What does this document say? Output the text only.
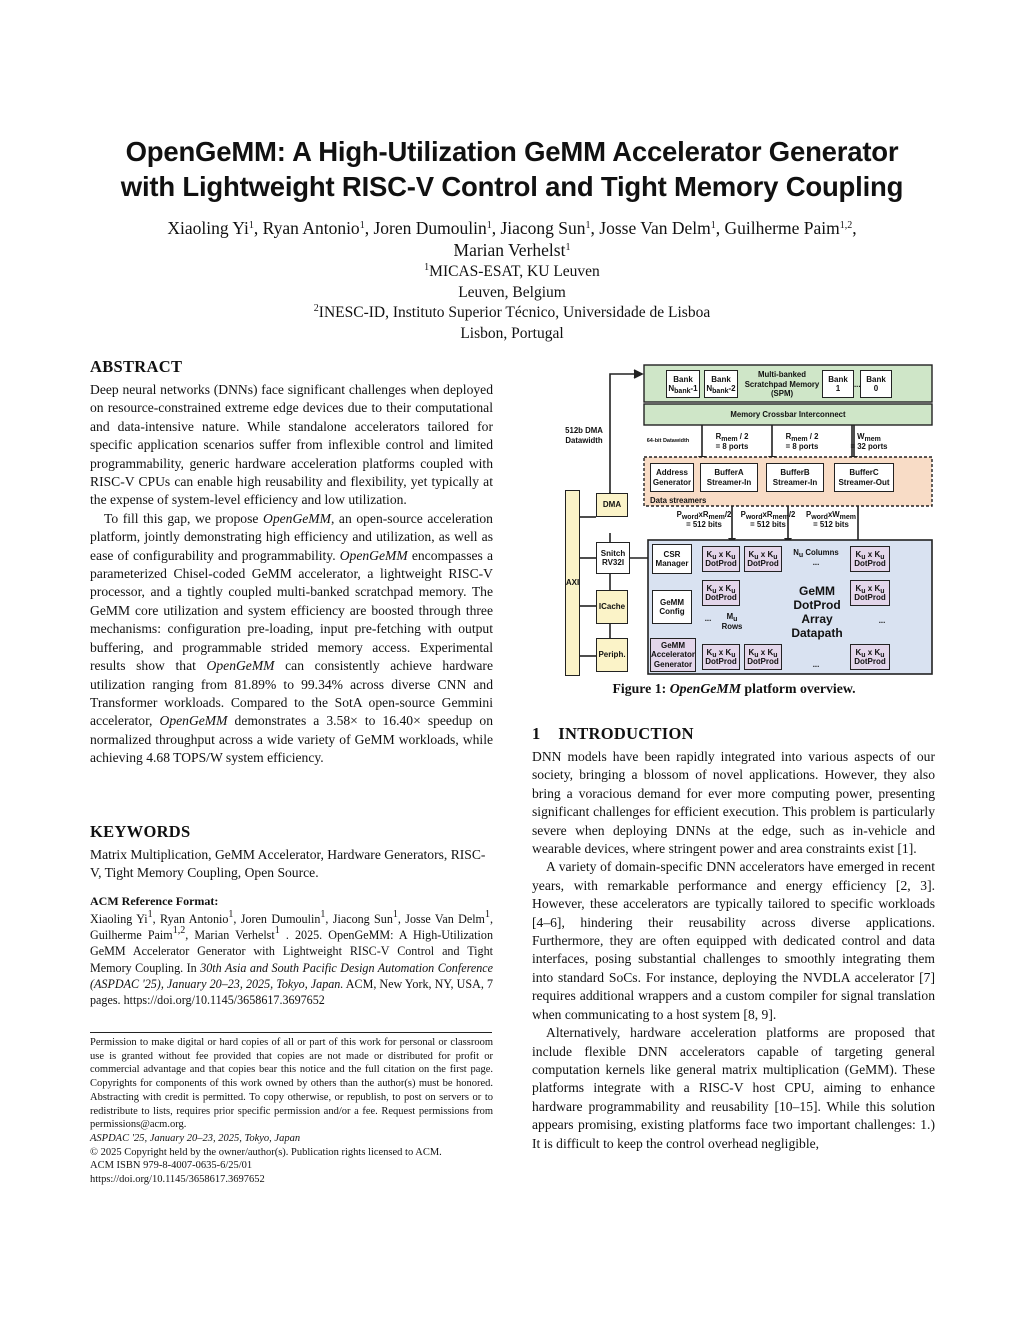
OpenGeMM: A High-Utilization GeMM Accelerator Generator
with Lightweight RISC-V Control and Tight Memory Coupling
Xiaoling Yi$^1$, Ryan Antonio$^1$, Joren Dumoulin$^1$, Jiacong Sun$^1$, Josse Van Delm$^1$, Guilherme Paim$^{1,2}$,
Marian Verhelst$^1$
$^1$MICAS-ESAT, KU Leuven
Leuven, Belgium
$^2$INESC-ID, Instituto Superior Técnico, Universidade de Lisboa
Lisbon, Portugal
ABSTRACT

Deep neural networks (DNNs) face significant challenges when deployed on resource-constrained extreme edge devices due to their computational and data-intensive nature. While standalone accelerators tailored for specific application scenarios suffer from inflexible control and limited programmability, generic hardware acceleration platforms coupled with RISC-V CPUs can enable high reusability and flexibility, yet typically at the expense of system-level efficiency and low utilization.

To fill this gap, we propose OpenGeMM, an open-source acceleration platform, jointly demonstrating high efficiency and utilization, as well as ease of configurability and programmability. OpenGeMM encompasses a parameterized Chisel-coded GeMM accelerator, a lightweight RISC-V processor, and a tightly coupled multi-banked scratchpad memory. The GeMM core utilization and system efficiency are boosted through three mechanisms: configuration pre-loading, input pre-fetching with output buffering, and programmable strided memory access. Experimental results show that OpenGeMM can consistently achieve hardware utilization ranging from 81.89% to 99.34% across diverse CNN and Transformer workloads. Compared to the SotA open-source Gemmini accelerator, OpenGeMM demonstrates a 3.58× to 16.40× speedup on normalized throughput across a wide variety of GeMM workloads, while achieving 4.68 TOPS/W system efficiency.

KEYWORDS
Matrix Multiplication, GeMM Accelerator, Hardware Generators, RISC-V, Tight Memory Coupling, Open Source.
ACM Reference Format:
Xiaoling Yi$^1$, Ryan Antonio$^1$, Joren Dumoulin$^1$, Jiacong Sun$^1$, Josse Van Delm$^1$, Guilherme Paim$^{1,2}$, Marian Verhelst$^1$ . 2025. OpenGeMM: A High-Utilization GeMM Accelerator Generator with Lightweight RISC-V Control and Tight Memory Coupling. In 30th Asia and South Pacific Design Automation Conference (ASPDAC '25), January 20–23, 2025, Tokyo, Japan. ACM, New York, NY, USA, 7 pages. https://doi.org/10.1145/3658617.3697652

Permission to make digital or hard copies of all or part of this work for personal or classroom use is granted without fee provided that copies are not made or distributed for profit or commercial advantage and that copies bear this notice and the full citation on the first page. Copyrights for components of this work owned by others than the author(s) must be honored. Abstracting with credit is permitted. To copy otherwise, or republish, to post on servers or to redistribute to lists, requires prior specific permission and/or a fee. Request permissions from permissions@acm.org.

ASPDAC '25, January 20–23, 2025, Tokyo, Japan

© 2025 Copyright held by the owner/author(s). Publication rights licensed to ACM.

ACM ISBN 979-8-4007-0635-6/25/01

https://doi.org/10.1145/3658617.3697652

Bank
$N_{bank}-1$
Bank
$N_{bank}-2$
Multi-banked Scratchpad Memory (SPM)
Bank
1 ...
Bank
0
Memory Crossbar Interconnect
512b DMA Datawidth	64-bit Datawidth	$R_{mem} / 2$
= 8 ports
$R_{mem} / 2$
= 8 ports
$W_{mem}$
= 32 ports
Address Generator
BufferA Streamer-In
BufferB Streamer-In
BufferC Streamer-Out
Data streamers
$P_{word}xR_{mem}/2$
= 512 bits
$P_{word}xR_{mem}/2$
= 512 bits
$P_{word}xW_{mem}$
= 512 bits
AXI
DMA
Snitch RV32I
ICache
Periph.
CSR Manager
GeMM Config
GeMM Accelerator Generator
$K_u$ x $K_u$
DotProd
$K_u$ x $K_u$
DotProd
$N_u$ Columns
...
$K_u$ x $K_u$
DotProd
$K_u$ x $K_u$
DotProd	GeMM DotProd Array Datapath
$K_u$ x $K_u$
DotProd
...	$M_u$
Rows
...
$K_u$ x $K_u$
DotProd
$K_u$ x $K_u$
DotProd	...
$K_u$ x $K_u$
DotProd
Figure 1: OpenGeMM platform overview.
1 INTRODUCTION

DNN models have been rapidly integrated into various aspects of our society, bringing a blossom of novel applications. However, they also bring a voracious demand for ever more computing power, presenting significant challenges for efficient execution. This problem is particularly severe when deploying DNNs at the edge, such as in-vehicle and wearable devices, where stringent power and area constraints exist [1].

A variety of domain-specific DNN accelerators have emerged in recent years, with remarkable performance and energy efficiency [2, 3]. However, these accelerators are typically tailored to specific workloads [4–6], hindering their reusability across diverse applications. Furthermore, they are often equipped with dedicated control and data interfaces, posing substantial challenges to smoothly integrating them into standard SoCs. For instance, deploying the NVDLA accelerator [7] requires additional wrappers and a custom compiler for signal translation when communicating to a host system [8, 9].

Alternatively, hardware acceleration platforms are proposed that include flexible DNN accelerators capable of targeting general computation kernels like general matrix multiplication (GeMM). These platforms integrate with a RISC-V host CPU, aiming to enhance hardware programmability and reusability [10–15]. While this solution appears promising, existing platforms face two important challenges: 1.) It is difficult to keep the control overhead negligible,
